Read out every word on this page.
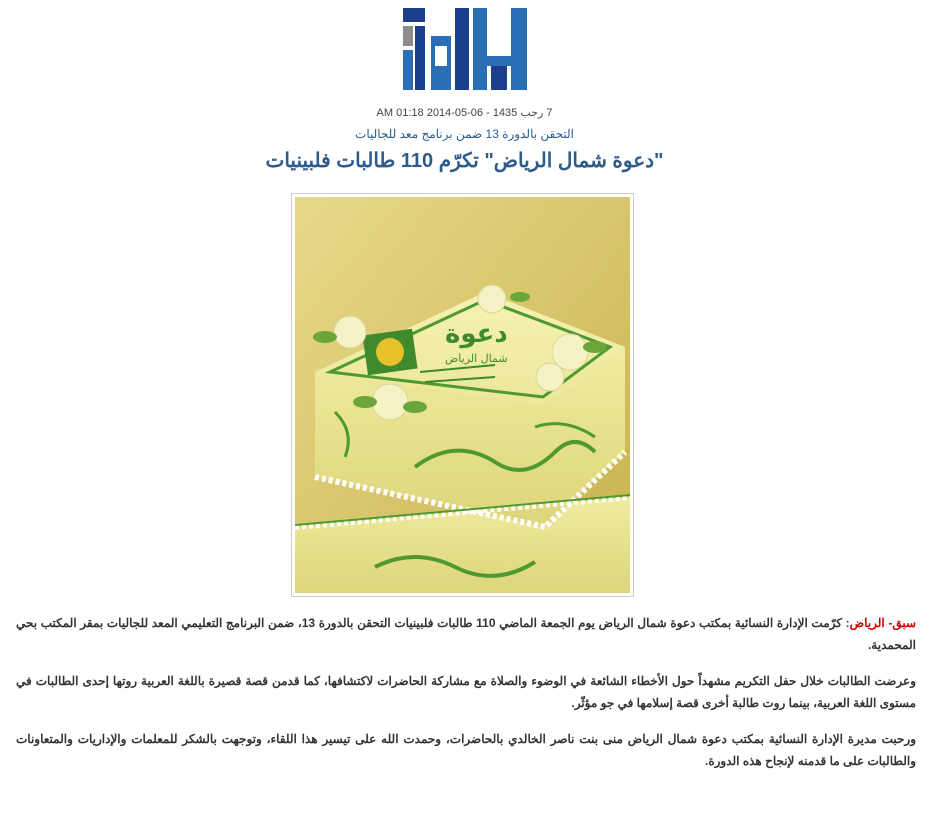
7 رجب 1435 - 06-05-2014 01:18 AM
التحقن بالدورة 13 ضمن برنامج معد للجاليات
"دعوة شمال الرياض" تكرّم 110 طالبات فلبينيات
دعوة
شمال الرياض

سبق- الرياض: كرّمت الإدارة النسائية بمكتب دعوة شمال الرياض يوم الجمعة الماضي 110 طالبات فلبينيات التحقن بالدورة 13، ضمن البرنامج التعليمي المعد للجاليات بمقر المكتب بحي المحمدية.

وعرضت الطالبات خلال حفل التكريم مشهداً حول الأخطاء الشائعة في الوضوء والصلاة مع مشاركة الحاضرات لاكتشافها، كما قدمن قصة قصيرة باللغة العربية روتها إحدى الطالبات في مستوى اللغة العربية، بينما روت طالبة أخرى قصة إسلامها في جو مؤثّر.

ورحبت مديرة الإدارة النسائية بمكتب دعوة شمال الرياض منى بنت ناصر الخالدي بالحاضرات، وحمدت الله على تيسير هذا اللقاء، وتوجهت بالشكر للمعلمات والإداريات والمتعاونات والطالبات على ما قدمنه لإنجاح هذه الدورة.
